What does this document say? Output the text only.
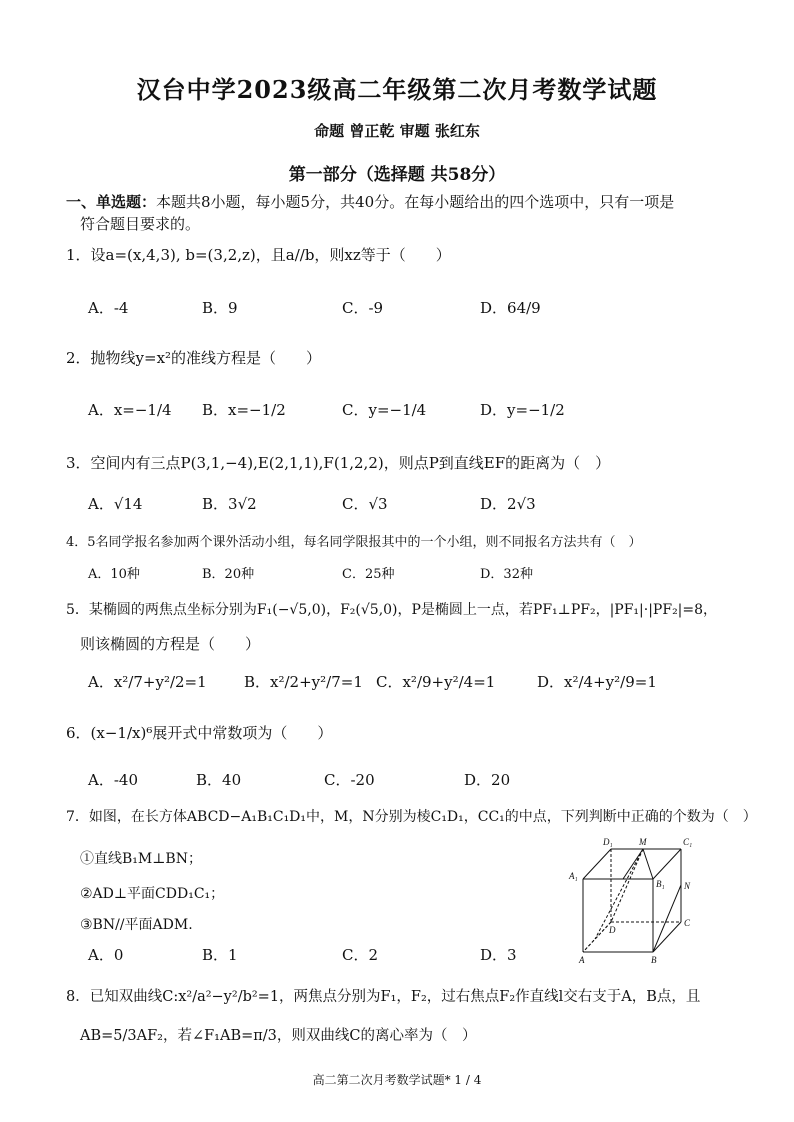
汉台中学2023级高二年级第二次月考数学试题
命题 曾正乾 审题 张红东
第一部分（选择题 共58分）
一、单选题：本题共8小题，每小题5分，共40分。在每小题给出的四个选项中，只有一项是
符合题目要求的。
1．设a=(x,4,3), b=(3,2,z)，且a//b，则xz等于（　　）
A．-4	B．9	C．-9	D．64/9
2．抛物线y=x²的准线方程是（　　）
A．x=−1/4 B．x=−1/2	C．y=−1/4	D．y=−1/2
3．空间内有三点P(3,1,−4),E(2,1,1),F(1,2,2)，则点P到直线EF的距离为（　）
A．√14	B．3√2	C．√3	D．2√3
4．5名同学报名参加两个课外活动小组，每名同学限报其中的一个小组，则不同报名方法共有（　）
A．10种	B．20种	C．25种	D．32种
5．某椭圆的两焦点坐标分别为F₁(−√5,0)，F₂(√5,0)，P是椭圆上一点，若PF₁⊥PF₂，|PF₁|·|PF₂|=8，
则该椭圆的方程是（　　）
A．x²/7+y²/2=1 B．x²/2+y²/7=1 C．x²/9+y²/4=1	D．x²/4+y²/9=1
6．(x−1/x)⁶展开式中常数项为（　　）
A．-40	B．40	C．-20	D．20
7．如图，在长方体ABCD−A₁B₁C₁D₁中，M，N分别为棱C₁D₁，CC₁的中点，下列判断中正确的个数为（　）
①直线B₁M⊥BN；
②AD⊥平面CDD₁C₁；
③BN//平面ADM.
A．0	B．1	C．2	D．3
D₁	M	C₁
A₁
B₁ N
D
C
A	B
8．已知双曲线C:x²/a²−y²/b²=1，两焦点分别为F₁，F₂，过右焦点F₂作直线l交右支于A，B点，且
AB=5/3AF₂，若∠F₁AB=π/3，则双曲线C的离心率为（　）
高二第二次月考数学试题* 1 / 4
